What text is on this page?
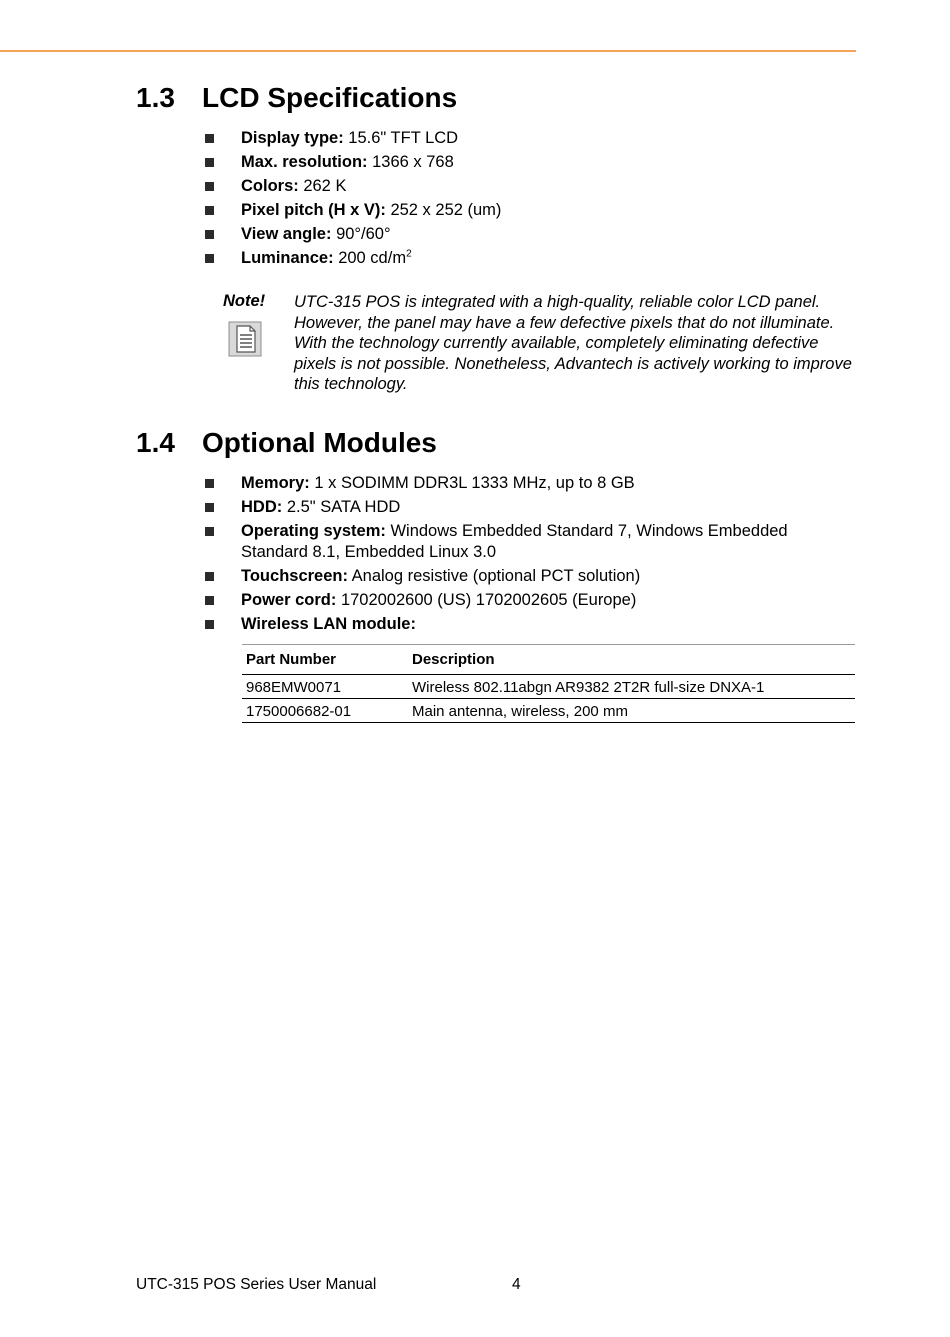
1.3 LCD Specifications
Display type: 15.6" TFT LCD
Max. resolution: 1366 x 768
Colors: 262 K
Pixel pitch (H x V): 252 x 252 (um)
View angle: 90°/60°
Luminance: 200 $cd/m^2$
Note! UTC-315 POS is integrated with a high-quality, reliable color LCD panel. However, the panel may have a few defective pixels that do not illuminate. With the technology currently available, completely eliminating defective pixels is not possible. Nonetheless, Advantech is actively working to improve this technology.

1.4 Optional Modules
Memory: 1 x SODIMM DDR3L 1333 MHz, up to 8 GB
HDD: 2.5" SATA HDD
Operating system: Windows Embedded Standard 7, Windows Embedded Standard 8.1, Embedded Linux 3.0
Touchscreen: Analog resistive (optional PCT solution)
Power cord: 1702002600 (US) 1702002605 (Europe)
Wireless LAN module:
Part Number	Description
968EMW0071	Wireless 802.11abgn AR9382 2T2R full-size DNXA-1
1750006682-01	Main antenna, wireless, 200 mm
UTC-315 POS Series User Manual	4
